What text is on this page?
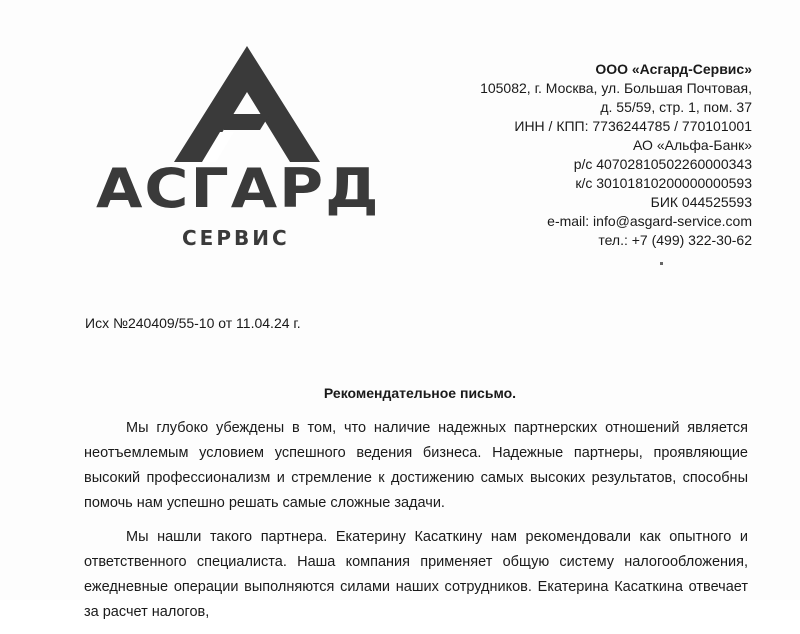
АСГАРД
СЕРВИС
ООО «Асгард-Сервис»
105082, г. Москва, ул. Большая Почтовая,
д. 55/59, стр. 1, пом. 37
ИНН / КПП: 7736244785 / 770101001
АО «Альфа-Банк»
р/с 40702810502260000343
к/с 30101810200000000593
БИК 044525593
e-mail: info@asgard-service.com
тел.: +7 (499) 322-30-62
Исх №240409/55-10 от 11.04.24 г.
Рекомендательное письмо.

Мы глубоко убеждены в том, что наличие надежных партнерских отношений является неотъемлемым условием успешного ведения бизнеса. Надежные партнеры, проявляющие высокий профессионализм и стремление к достижению самых высоких результатов, способны помочь нам успешно решать самые сложные задачи.

Мы нашли такого партнера. Екатерину Касаткину нам рекомендовали как опытного и ответственного специалиста. Наша компания применяет общую систему налогообложения, ежедневные операции выполняются силами наших сотрудников. Екатерина Касаткина отвечает за расчет налогов,
